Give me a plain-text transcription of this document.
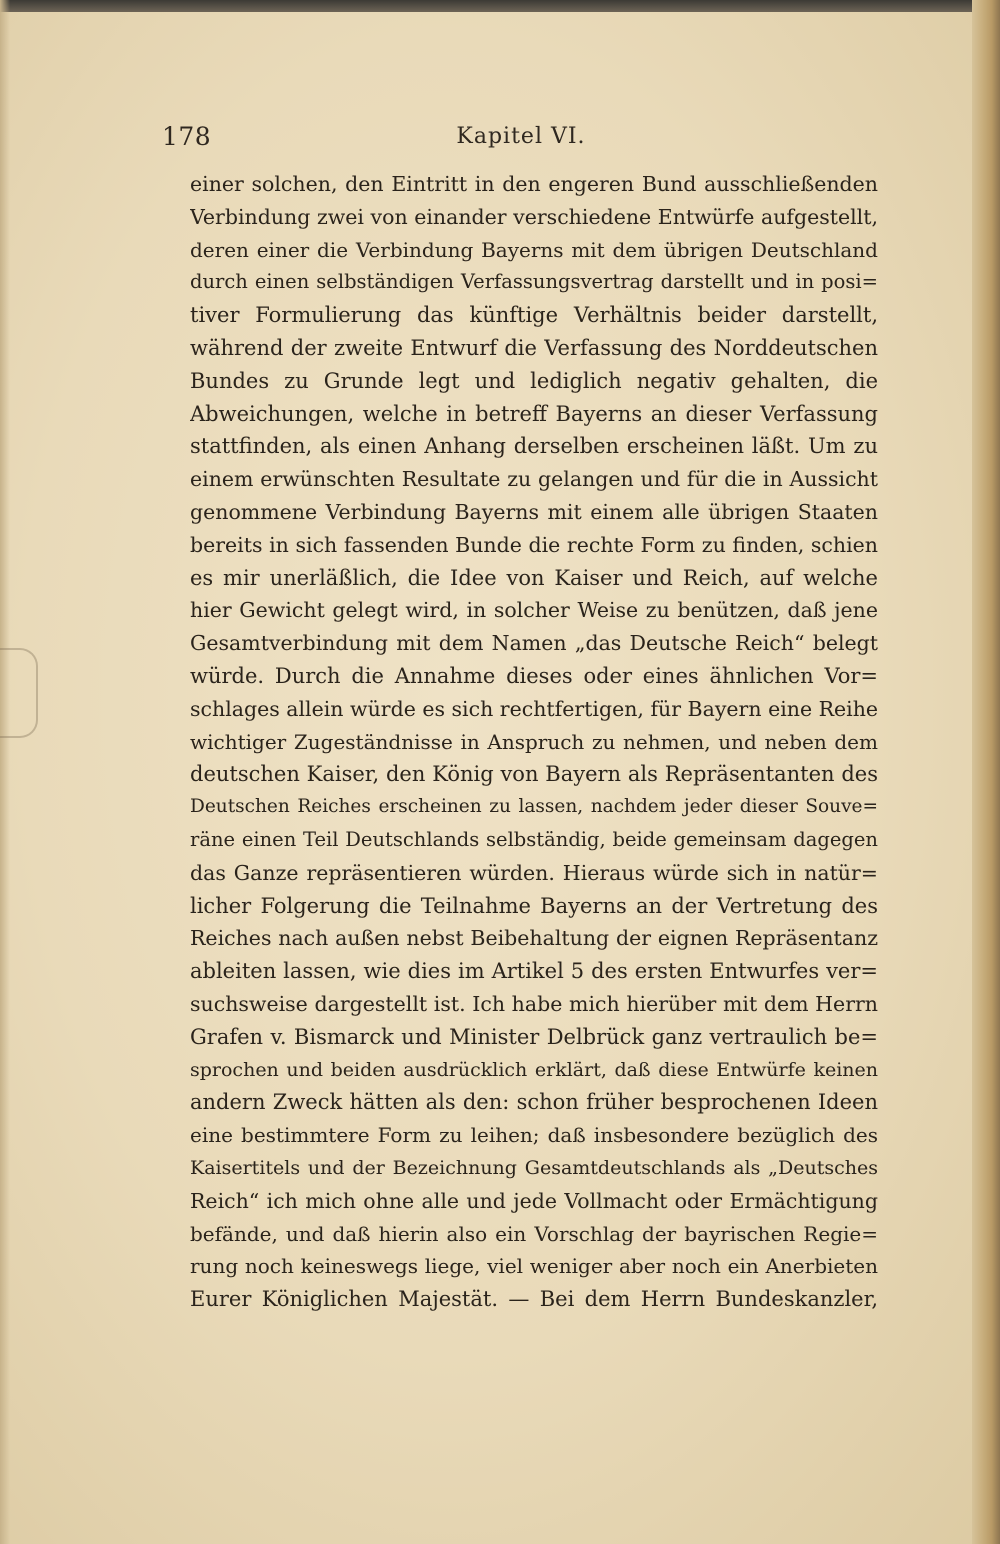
178	Kapitel VI.
einer solchen, den Eintritt in den engeren Bund ausschließenden
Verbindung zwei von einander verschiedene Entwürfe aufgestellt,
deren einer die Verbindung Bayerns mit dem übrigen Deutschland
durch einen selbständigen Verfassungsvertrag darstellt und in posi=
tiver Formulierung das künftige Verhältnis beider darstellt,
während der zweite Entwurf die Verfassung des Norddeutschen
Bundes zu Grunde legt und lediglich negativ gehalten, die
Abweichungen, welche in betreff Bayerns an dieser Verfassung
stattfinden, als einen Anhang derselben erscheinen läßt. Um zu
einem erwünschten Resultate zu gelangen und für die in Aussicht
genommene Verbindung Bayerns mit einem alle übrigen Staaten
bereits in sich fassenden Bunde die rechte Form zu finden, schien
es mir unerläßlich, die Idee von Kaiser und Reich, auf welche
hier Gewicht gelegt wird, in solcher Weise zu benützen, daß jene
Gesamtverbindung mit dem Namen „das Deutsche Reich“ belegt
würde. Durch die Annahme dieses oder eines ähnlichen Vor=
schlages allein würde es sich rechtfertigen, für Bayern eine Reihe
wichtiger Zugeständnisse in Anspruch zu nehmen, und neben dem
deutschen Kaiser, den König von Bayern als Repräsentanten des
Deutschen Reiches erscheinen zu lassen, nachdem jeder dieser Souve=
räne einen Teil Deutschlands selbständig, beide gemeinsam dagegen
das Ganze repräsentieren würden. Hieraus würde sich in natür=
licher Folgerung die Teilnahme Bayerns an der Vertretung des
Reiches nach außen nebst Beibehaltung der eignen Repräsentanz
ableiten lassen, wie dies im Artikel 5 des ersten Entwurfes ver=
suchsweise dargestellt ist. Ich habe mich hierüber mit dem Herrn
Grafen v. Bismarck und Minister Delbrück ganz vertraulich be=
sprochen und beiden ausdrücklich erklärt, daß diese Entwürfe keinen
andern Zweck hätten als den: schon früher besprochenen Ideen
eine bestimmtere Form zu leihen; daß insbesondere bezüglich des
Kaisertitels und der Bezeichnung Gesamtdeutschlands als „Deutsches
Reich“ ich mich ohne alle und jede Vollmacht oder Ermächtigung
befände, und daß hierin also ein Vorschlag der bayrischen Regie=
rung noch keineswegs liege, viel weniger aber noch ein Anerbieten
Eurer Königlichen Majestät. — Bei dem Herrn Bundeskanzler,
